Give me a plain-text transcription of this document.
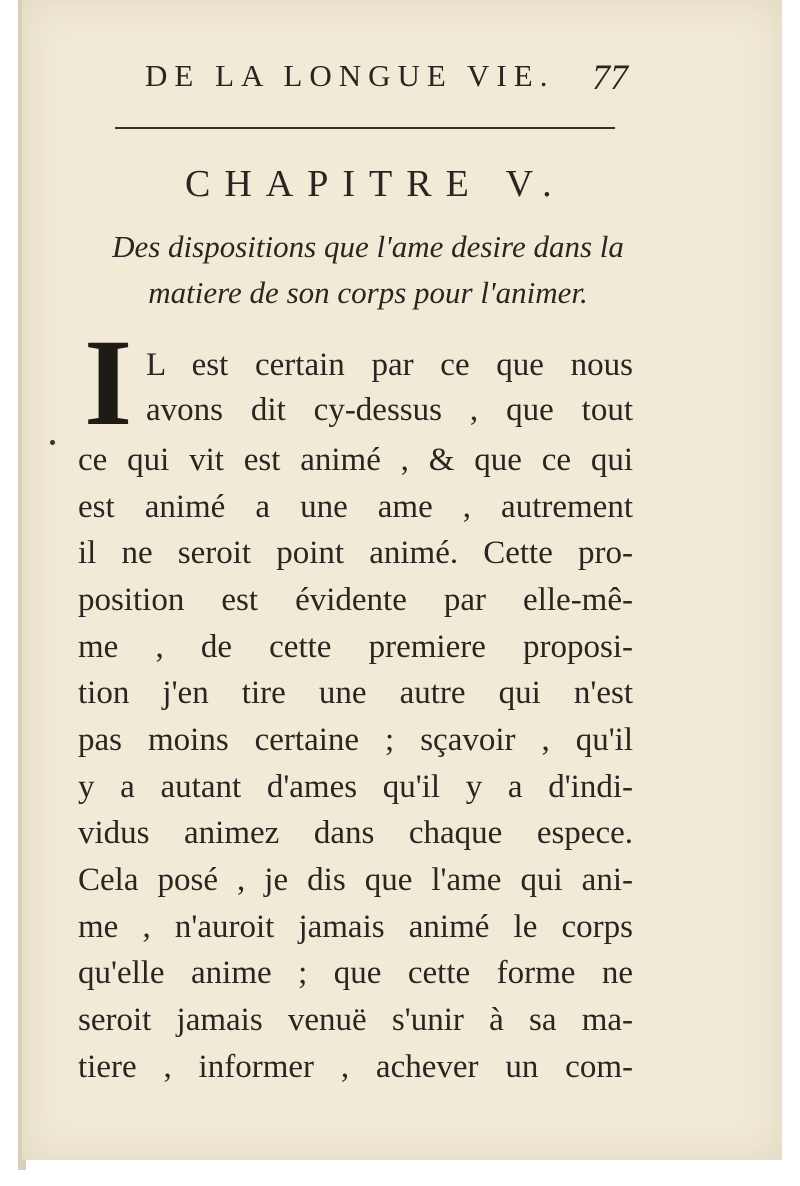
DE LA LONGUE VIE. 77
CHAPITRE V.
Des dispositions que l'ame desire dans la
matiere de son corps pour l'animer.
I L est certain par ce que nous
avons dit cy-dessus , que tout
ce qui vit est animé , & que ce qui
est animé a une ame , autrement
il ne seroit point animé. Cette pro-
position est évidente par elle-mê-
me , de cette premiere proposi-
tion j'en tire une autre qui n'est
pas moins certaine ; sçavoir , qu'il
y a autant d'ames qu'il y a d'indi-
vidus animez dans chaque espece.
Cela posé , je dis que l'ame qui ani-
me , n'auroit jamais animé le corps
qu'elle anime ; que cette forme ne
seroit jamais venuë s'unir à sa ma-
tiere , informer , achever un com-
